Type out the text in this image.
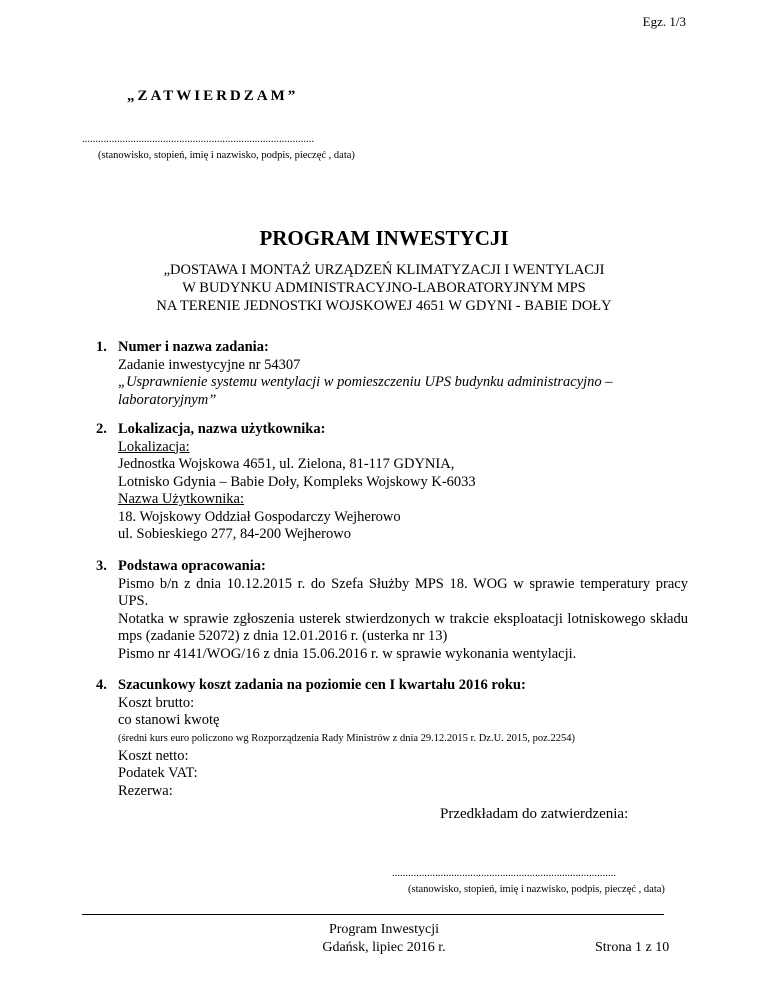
Egz. 1/3
„ZATWIERDZAM”
......................................................................................
(stanowisko, stopień, imię i nazwisko, podpis, pieczęć , data)
PROGRAM INWESTYCJI
„DOSTAWA I MONTAŻ URZĄDZEŃ KLIMATYZACJI I WENTYLACJI
W BUDYNKU ADMINISTRACYJNO-LABORATORYJNYM MPS
NA TERENIE JEDNOSTKI WOJSKOWEJ 4651 W GDYNI - BABIE DOŁY
1. Numer i nazwa zadania:
Zadanie inwestycyjne nr 54307
„Usprawnienie systemu wentylacji w pomieszczeniu UPS budynku administracyjno – laboratoryjnym”
2. Lokalizacja, nazwa użytkownika:
Lokalizacja:
Jednostka Wojskowa 4651, ul. Zielona, 81-117 GDYNIA,
Lotnisko Gdynia – Babie Doły, Kompleks Wojskowy K-6033
Nazwa Użytkownika:
18. Wojskowy Oddział Gospodarczy Wejherowo
ul. Sobieskiego 277, 84-200 Wejherowo
3. Podstawa opracowania:
Pismo b/n z dnia 10.12.2015 r. do Szefa Służby MPS 18. WOG w sprawie temperatury pracy UPS.
Notatka w sprawie zgłoszenia usterek stwierdzonych w trakcie eksploatacji lotniskowego składu mps (zadanie 52072) z dnia 12.01.2016 r. (usterka nr 13)
Pismo nr 4141/WOG/16 z dnia 15.06.2016 r. w sprawie wykonania wentylacji.
4. Szacunkowy koszt zadania na poziomie cen I kwartału 2016 roku:
Koszt brutto:
co stanowi kwotę
(średni kurs euro policzono wg Rozporządzenia Rady Ministrów z dnia 29.12.2015 r. Dz.U. 2015, poz.2254)
Koszt netto:
Podatek VAT:
Rezerwa:
Przedkładam do zatwierdzenia:
...................................................................................
(stanowisko, stopień, imię i nazwisko, podpis, pieczęć , data)
Program Inwestycji
Gdańsk, lipiec 2016 r.	Strona 1 z 10
